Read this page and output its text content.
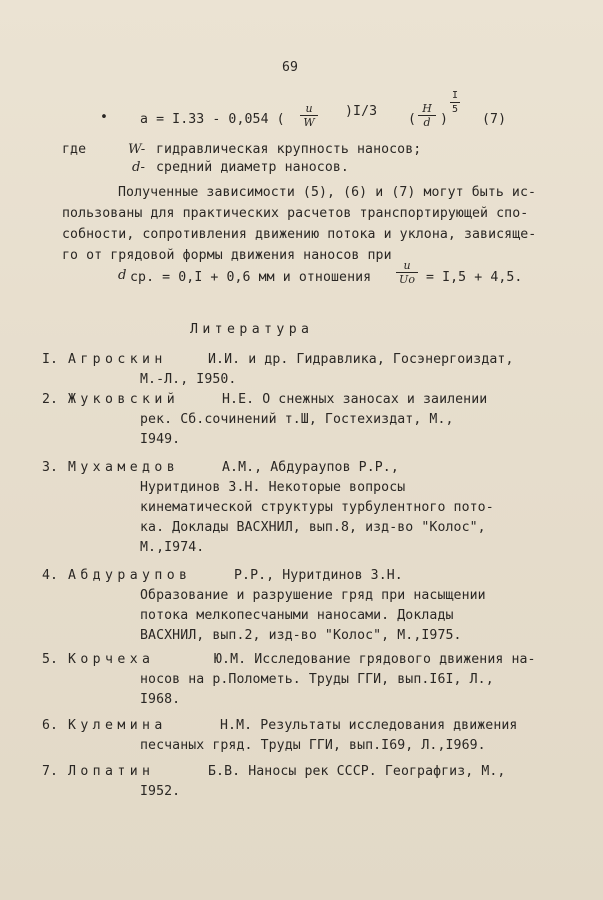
69
• a = I.33 - 0,054 (
u
W
)I/3
(
H
d )
I
5
(7)
где	W- гидравлическая крупность наносов;
d- средний диаметр наносов.
Полученные зависимости (5), (6) и (7) могут быть ис-
пользованы для практических расчетов транспортирующей спо-
собности, сопротивления движению потока и уклона, зависяще-
го от грядовой формы движения наносов при
d ср. = 0,I + 0,6 мм и отношения
u
Uo = I,5 + 4,5.
Литература
I. Агроскин	И.И. и др. Гидравлика, Госэнергоиздат,
М.-Л., I950.
2. Жуковский	Н.Е. О снежных заносах и заилении
рек. Сб.сочинений т.Ш, Гостехиздат, М.,
I949.
3. Мухамедов	А.М., Абдураупов Р.Р.,
Нуритдинов З.Н. Некоторые вопросы
кинематической структуры турбулентного пото-
ка. Доклады ВАСХНИЛ, вып.8, изд-во "Колос",
М.,I974.
4. Абдураупов	Р.Р., Нуритдинов З.Н.
Образование и разрушение гряд при насыщении
потока мелкопесчаными наносами. Доклады
ВАСХНИЛ, вып.2, изд-во "Колос", М.,I975.
5. Корчеха	Ю.М. Исследование грядового движения на-
носов на р.Полометь. Труды ГГИ, вып.I6I, Л.,
I968.
6. Кулемина	Н.М. Результаты исследования движения
песчаных гряд. Труды ГГИ, вып.I69, Л.,I969.
7. Лопатин	Б.В. Наносы рек СССР. Географгиз, М.,
I952.
